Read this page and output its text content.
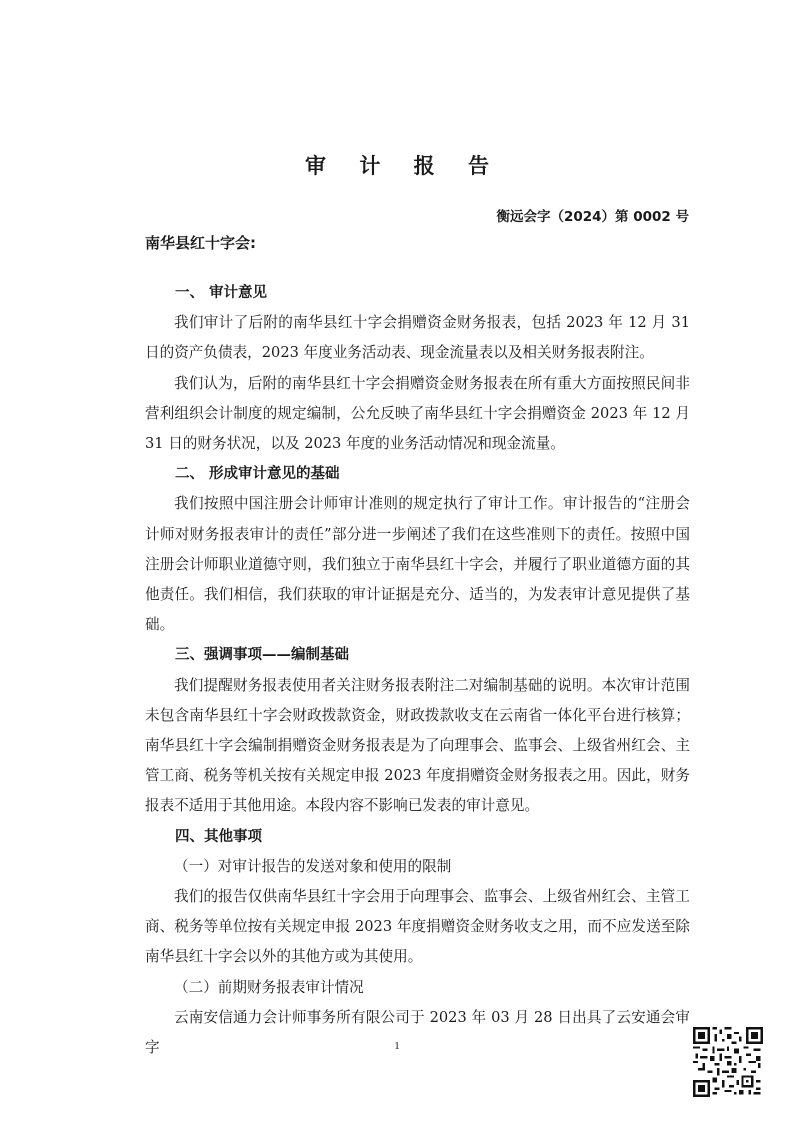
审 计 报 告
衡远会字（2024）第 0002 号
南华县红十字会:
一、 审计意见

我们审计了后附的南华县红十字会捐赠资金财务报表，包括 2023 年 12 月 31 日的资产负债表，2023 年度业务活动表、现金流量表以及相关财务报表附注。

我们认为，后附的南华县红十字会捐赠资金财务报表在所有重大方面按照民间非营利组织会计制度的规定编制，公允反映了南华县红十字会捐赠资金 2023 年 12 月 31 日的财务状况，以及 2023 年度的业务活动情况和现金流量。

二、 形成审计意见的基础

我们按照中国注册会计师审计准则的规定执行了审计工作。审计报告的“注册会计师对财务报表审计的责任”部分进一步阐述了我们在这些准则下的责任。按照中国注册会计师职业道德守则，我们独立于南华县红十字会，并履行了职业道德方面的其他责任。我们相信，我们获取的审计证据是充分、适当的，为发表审计意见提供了基础。

三、强调事项——编制基础

我们提醒财务报表使用者关注财务报表附注二对编制基础的说明。本次审计范围未包含南华县红十字会财政拨款资金，财政拨款收支在云南省一体化平台进行核算；南华县红十字会编制捐赠资金财务报表是为了向理事会、监事会、上级省州红会、主管工商、税务等机关按有关规定申报 2023 年度捐赠资金财务报表之用。因此，财务报表不适用于其他用途。本段内容不影响已发表的审计意见。

四、其他事项

（一）对审计报告的发送对象和使用的限制

我们的报告仅供南华县红十字会用于向理事会、监事会、上级省州红会、主管工商、税务等单位按有关规定申报 2023 年度捐赠资金财务收支之用，而不应发送至除南华县红十字会以外的其他方或为其使用。

（二）前期财务报表审计情况

云南安信通力会计师事务所有限公司于 2023 年 03 月 28 日出具了云安通会审字	1
